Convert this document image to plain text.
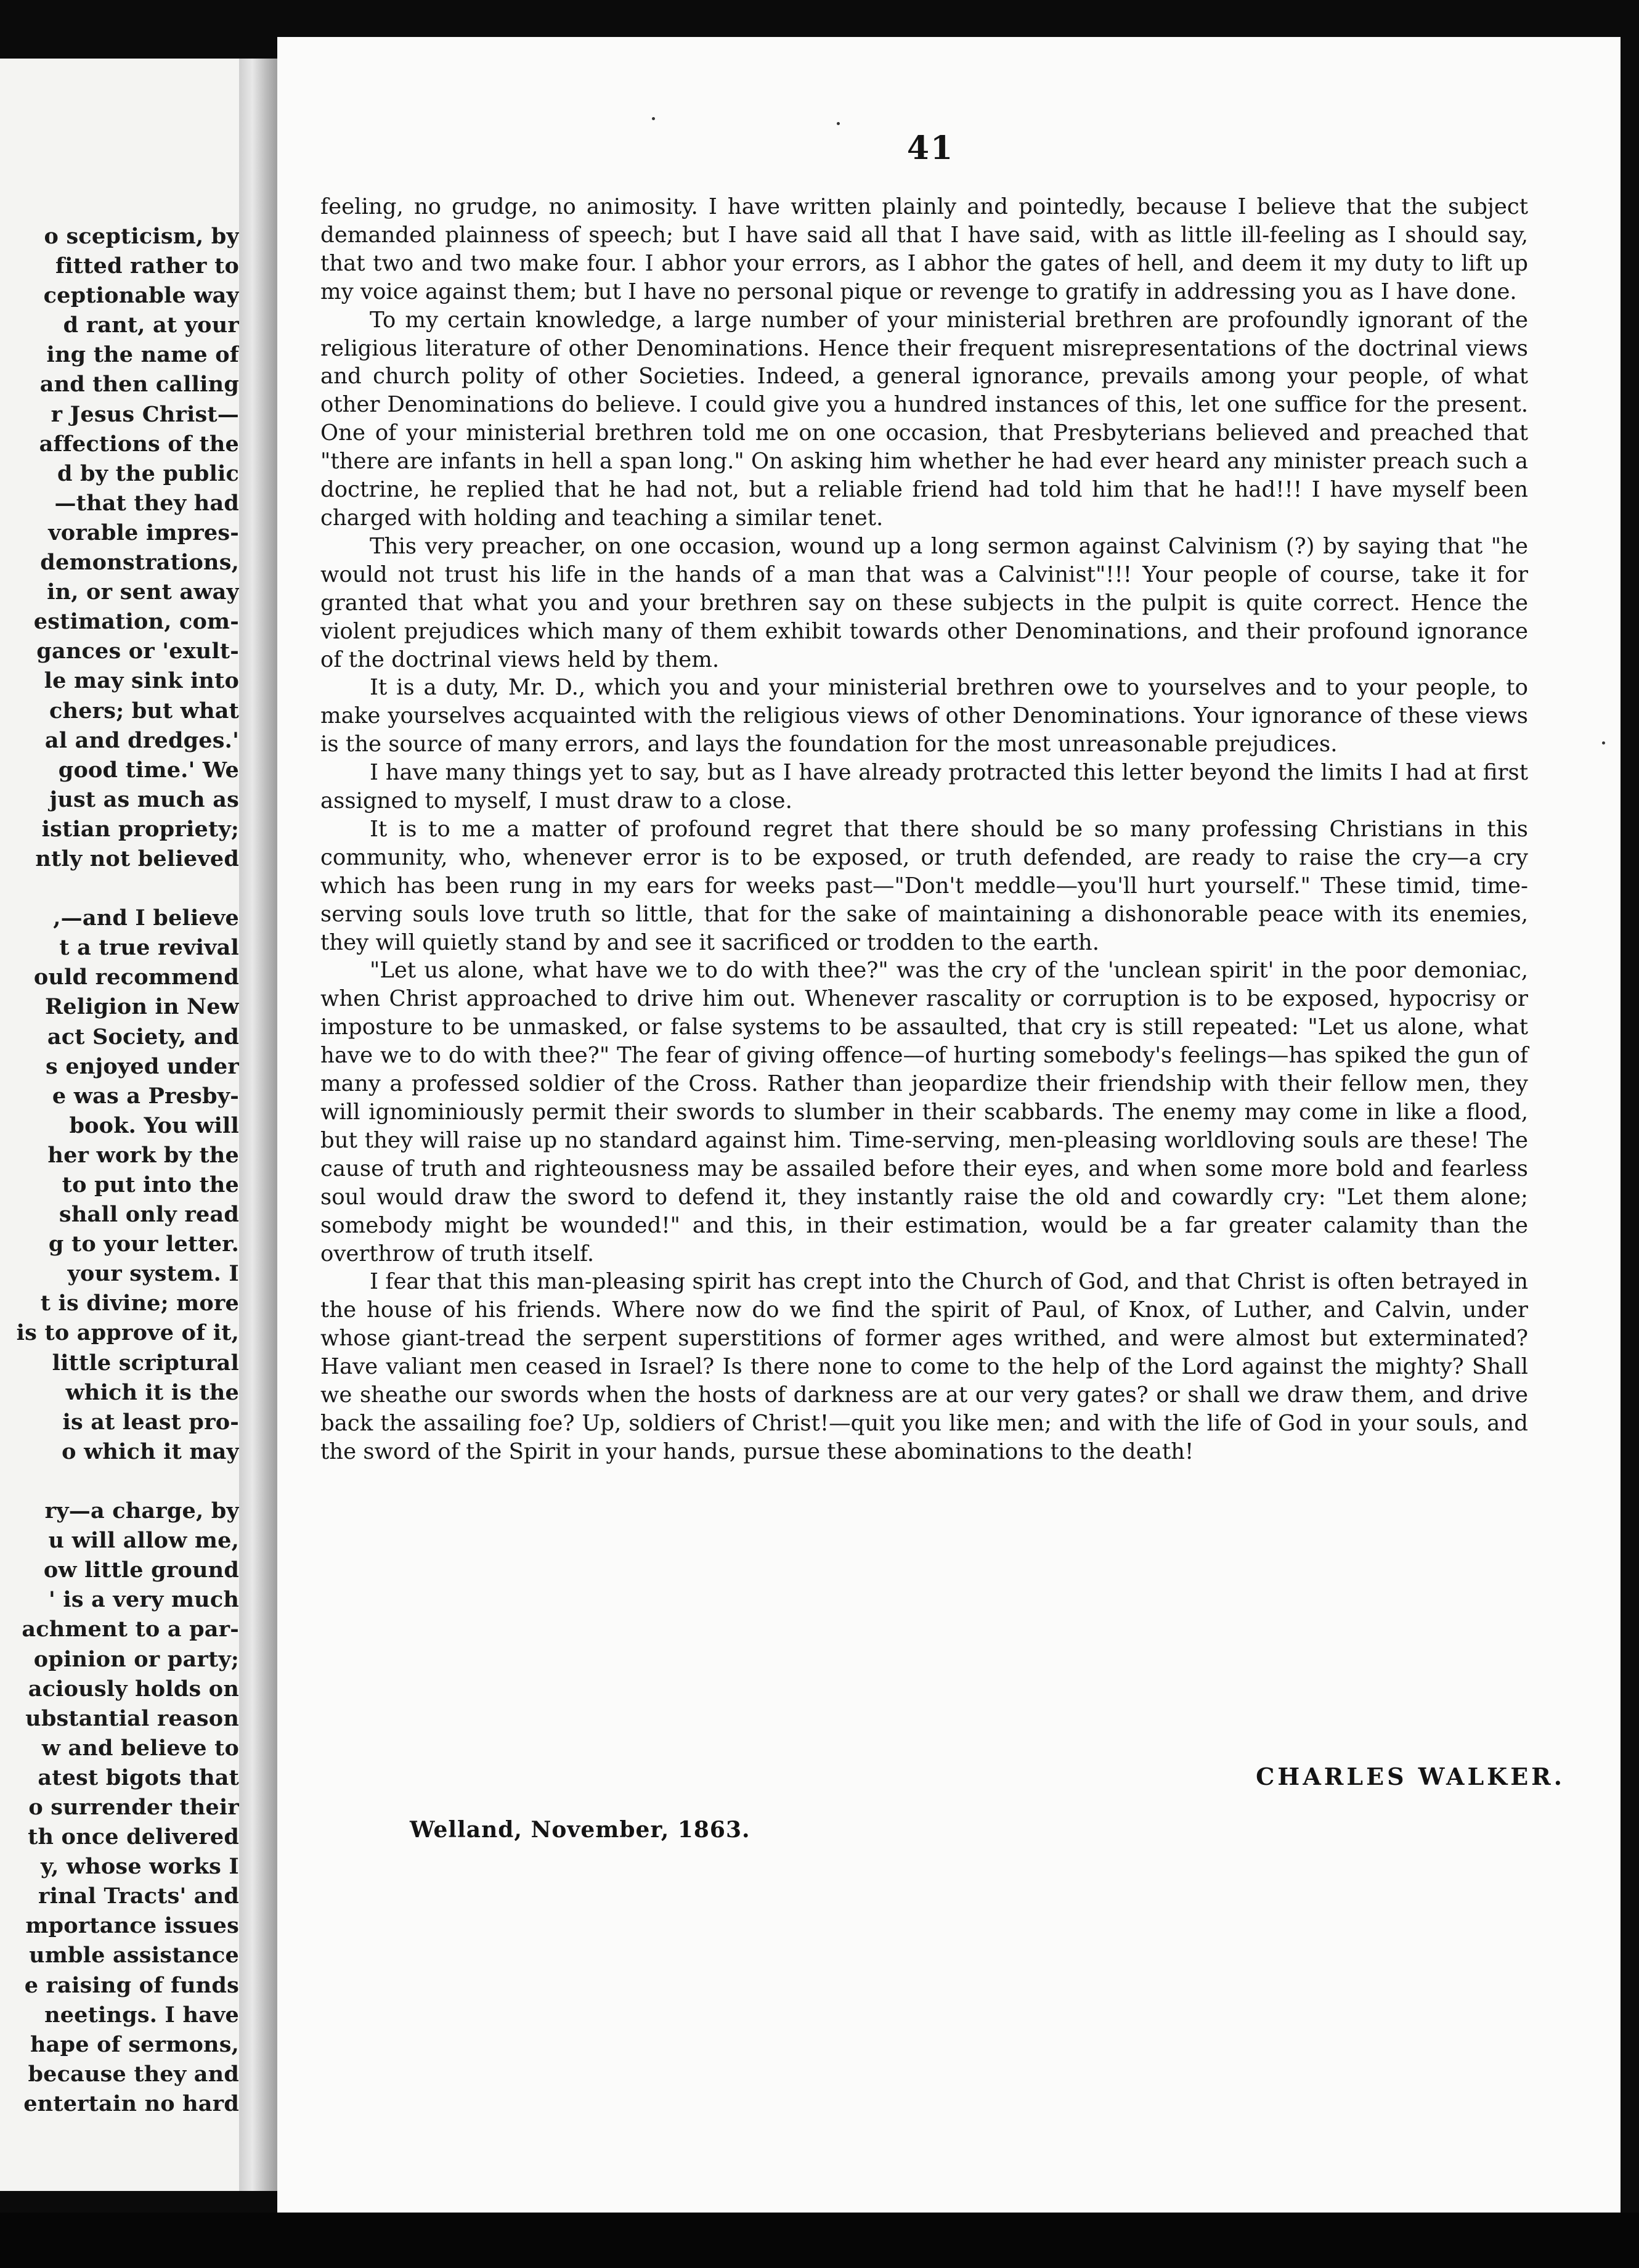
o scepticism, by
fitted rather to
ceptionable way
d rant, at your
ing the name of
and then calling
r Jesus Christ—
affections of the
d by the public
—that they had
vorable impres-
demonstrations,
in, or sent away
estimation, com-
gances or 'exult-
le may sink into
chers; but what
al and dredges.'
good time.' We
just as much as
istian propriety;
ntly not believed

,—and I believe
t a true revival
ould recommend
Religion in New
act Society, and
s enjoyed under
e was a Presby-
book. You will
her work by the
to put into the
shall only read
g to your letter.
your system. I
t is divine; more
is to approve of it,
little scriptural
which it is the
is at least pro-
o which it may

ry—a charge, by
u will allow me,
ow little ground
' is a very much
achment to a par-
opinion or party;
aciously holds on
ubstantial reason
w and believe to
atest bigots that
o surrender their
th once delivered
y, whose works I
rinal Tracts' and
mportance issues
umble assistance
e raising of funds
neetings. I have
hape of sermons,
because they and
entertain no hard
41

feeling, no grudge, no animosity. I have written plainly and pointedly, because I believe that the subject demanded plainness of speech; but I have said all that I have said, with as little ill-feeling as I should say, that two and two make four. I abhor your errors, as I abhor the gates of hell, and deem it my duty to lift up my voice against them; but I have no personal pique or revenge to gratify in addressing you as I have done.

To my certain knowledge, a large number of your ministerial brethren are profoundly ignorant of the religious literature of other Denominations. Hence their frequent misrepresentations of the doctrinal views and church polity of other Societies. Indeed, a general ignorance, prevails among your people, of what other Denominations do believe. I could give you a hundred instances of this, let one suffice for the present. One of your ministerial brethren told me on one occasion, that Presbyterians believed and preached that "there are infants in hell a span long." On asking him whether he had ever heard any minister preach such a doctrine, he replied that he had not, but a reliable friend had told him that he had!!! I have myself been charged with holding and teaching a similar tenet.

This very preacher, on one occasion, wound up a long sermon against Calvinism (?) by saying that "he would not trust his life in the hands of a man that was a Calvinist"!!! Your people of course, take it for granted that what you and your brethren say on these subjects in the pulpit is quite correct. Hence the violent prejudices which many of them exhibit towards other Denominations, and their profound ignorance of the doctrinal views held by them.

It is a duty, Mr. D., which you and your ministerial brethren owe to yourselves and to your people, to make yourselves acquainted with the religious views of other Denominations. Your ignorance of these views is the source of many errors, and lays the foundation for the most unreasonable prejudices.

I have many things yet to say, but as I have already protracted this letter beyond the limits I had at first assigned to myself, I must draw to a close.

It is to me a matter of profound regret that there should be so many professing Christians in this community, who, whenever error is to be exposed, or truth defended, are ready to raise the cry—a cry which has been rung in my ears for weeks past—"Don't meddle—you'll hurt yourself." These timid, time-serving souls love truth so little, that for the sake of maintaining a dishonorable peace with its enemies, they will quietly stand by and see it sacrificed or trodden to the earth.

"Let us alone, what have we to do with thee?" was the cry of the 'unclean spirit' in the poor demoniac, when Christ approached to drive him out. Whenever rascality or corruption is to be exposed, hypocrisy or imposture to be unmasked, or false systems to be assaulted, that cry is still repeated: "Let us alone, what have we to do with thee?" The fear of giving offence—of hurting somebody's feelings—has spiked the gun of many a professed soldier of the Cross. Rather than jeopardize their friendship with their fellow men, they will ignominiously permit their swords to slumber in their scabbards. The enemy may come in like a flood, but they will raise up no standard against him. Time-serving, men-pleasing worldloving souls are these! The cause of truth and righteousness may be assailed before their eyes, and when some more bold and fearless soul would draw the sword to defend it, they instantly raise the old and cowardly cry: "Let them alone; somebody might be wounded!" and this, in their estimation, would be a far greater calamity than the overthrow of truth itself.

I fear that this man-pleasing spirit has crept into the Church of God, and that Christ is often betrayed in the house of his friends. Where now do we find the spirit of Paul, of Knox, of Luther, and Calvin, under whose giant-tread the serpent superstitions of former ages writhed, and were almost but exterminated? Have valiant men ceased in Israel? Is there none to come to the help of the Lord against the mighty? Shall we sheathe our swords when the hosts of darkness are at our very gates? or shall we draw them, and drive back the assailing foe? Up, soldiers of Christ!—quit you like men; and with the life of God in your souls, and the sword of the Spirit in your hands, pursue these abominations to the death!

CHARLES WALKER.
Welland, November, 1863.
